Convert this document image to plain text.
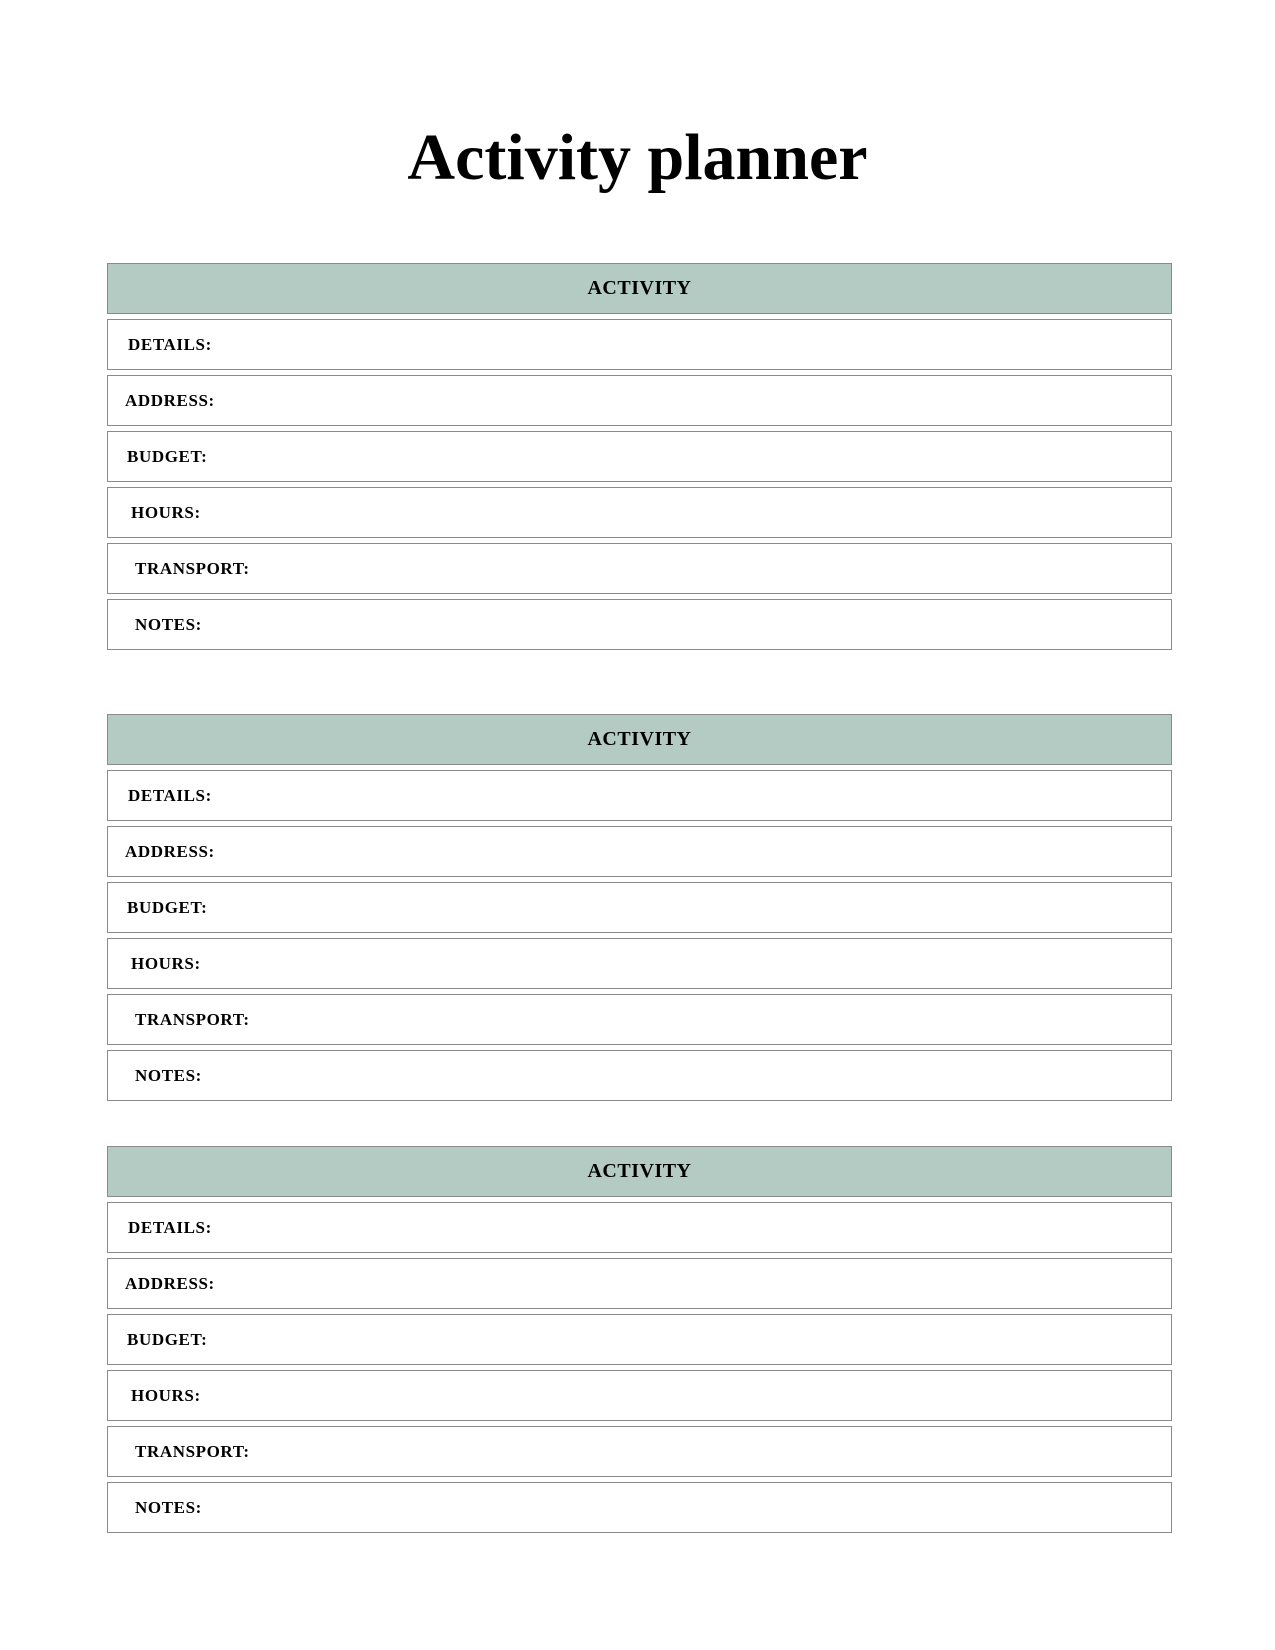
Activity planner
ACTIVITY
DETAILS:
ADDRESS:
BUDGET:
HOURS:
TRANSPORT:
NOTES:
ACTIVITY
DETAILS:
ADDRESS:
BUDGET:
HOURS:
TRANSPORT:
NOTES:
ACTIVITY
DETAILS:
ADDRESS:
BUDGET:
HOURS:
TRANSPORT:
NOTES:
